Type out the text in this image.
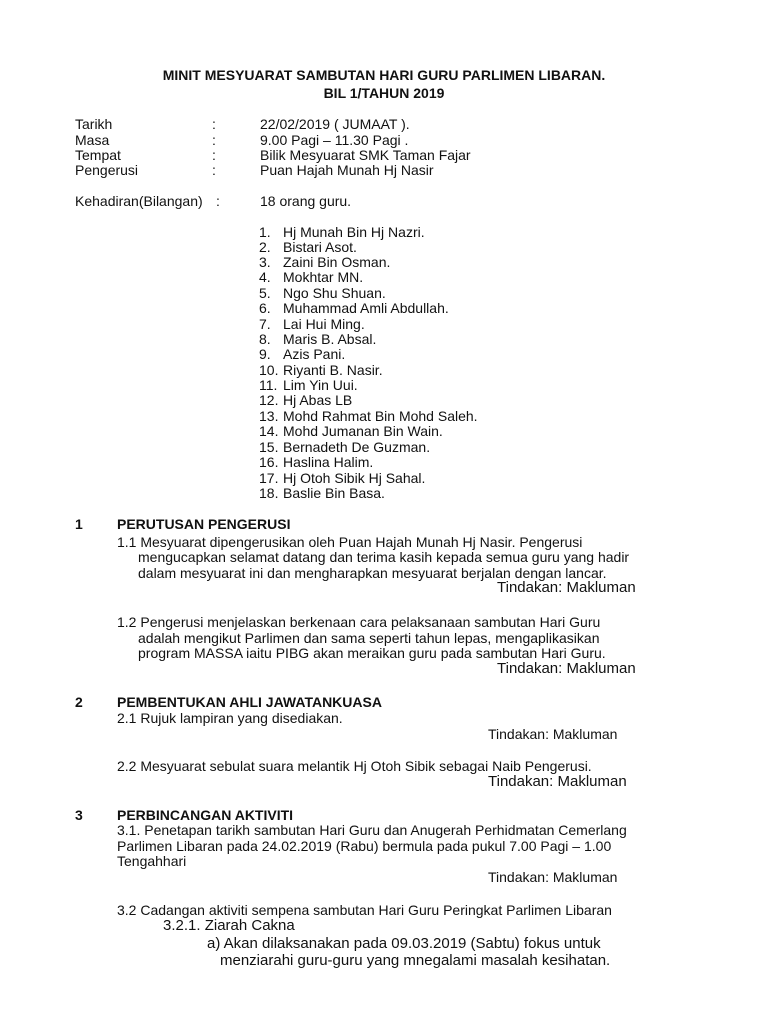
MINIT MESYUARAT SAMBUTAN HARI GURU PARLIMEN LIBARAN.
BIL 1/TAHUN 2019
Tarikh	:	22/02/2019 ( JUMAAT ).
Masa	:	9.00 Pagi – 11.30 Pagi .
Tempat	:	Bilik Mesyuarat SMK Taman Fajar
Pengerusi	:	Puan Hajah Munah Hj Nasir
Kehadiran(Bilangan) :	18 orang guru.
1. Hj Munah Bin Hj Nazri.
2. Bistari Asot.
3. Zaini Bin Osman.
4. Mokhtar MN.
5. Ngo Shu Shuan.
6. Muhammad Amli Abdullah.
7. Lai Hui Ming.
8. Maris B. Absal.
9. Azis Pani.
10. Riyanti B. Nasir.
11. Lim Yin Uui.
12. Hj Abas LB
13. Mohd Rahmat Bin Mohd Saleh.
14. Mohd Jumanan Bin Wain.
15. Bernadeth De Guzman.
16. Haslina Halim.
17. Hj Otoh Sibik Hj Sahal.
18. Baslie Bin Basa.
1 PERUTUSAN PENGERUSI
1.1 Mesyuarat dipengerusikan oleh Puan Hajah Munah Hj Nasir. Pengerusi
mengucapkan selamat datang dan terima kasih kepada semua guru yang hadir
dalam mesyuarat ini dan mengharapkan mesyuarat berjalan dengan lancar.
Tindakan: Makluman
1.2 Pengerusi menjelaskan berkenaan cara pelaksanaan sambutan Hari Guru
adalah mengikut Parlimen dan sama seperti tahun lepas, mengaplikasikan
program MASSA iaitu PIBG akan meraikan guru pada sambutan Hari Guru.
Tindakan: Makluman
2 PEMBENTUKAN AHLI JAWATANKUASA
2.1 Rujuk lampiran yang disediakan.
Tindakan: Makluman
2.2 Mesyuarat sebulat suara melantik Hj Otoh Sibik sebagai Naib Pengerusi.
Tindakan: Makluman
3 PERBINCANGAN AKTIVITI
3.1. Penetapan tarikh sambutan Hari Guru dan Anugerah Perhidmatan Cemerlang
Parlimen Libaran pada 24.02.2019 (Rabu) bermula pada pukul 7.00 Pagi – 1.00
Tengahhari
Tindakan: Makluman
3.2 Cadangan aktiviti sempena sambutan Hari Guru Peringkat Parlimen Libaran
3.2.1. Ziarah Cakna
a) Akan dilaksanakan pada 09.03.2019 (Sabtu) fokus untuk
menziarahi guru-guru yang mnegalami masalah kesihatan.
